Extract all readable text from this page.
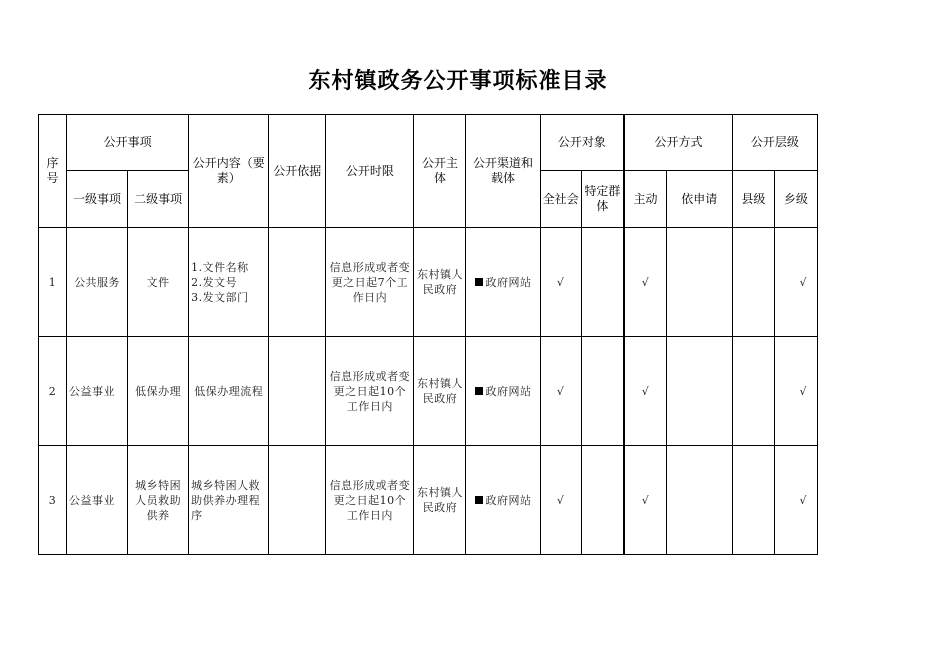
东村镇政务公开事项标准目录
序号	公开事项		公开内容（要素）	公开依据	公开时限	公开主体	公开渠道和载体	公开对象		公开方式		公开层级	
	一级事项	二级事项						全社会	特定群体	主动	依申请	县级	乡级
1	公共服务	文件	1.文件名称
2.发文号
3.发文部门		信息形成或者变更之日起7个工作日内	东村镇人民政府	政府网站	√		√			√
2	公益事业	低保办理	低保办理流程		信息形成或者变更之日起10个工作日内	东村镇人民政府	政府网站	√		√			√
3	公益事业	城乡特困人员救助供养	城乡特困人救助供养办理程序		信息形成或者变更之日起10个工作日内	东村镇人民政府	政府网站	√		√			√
